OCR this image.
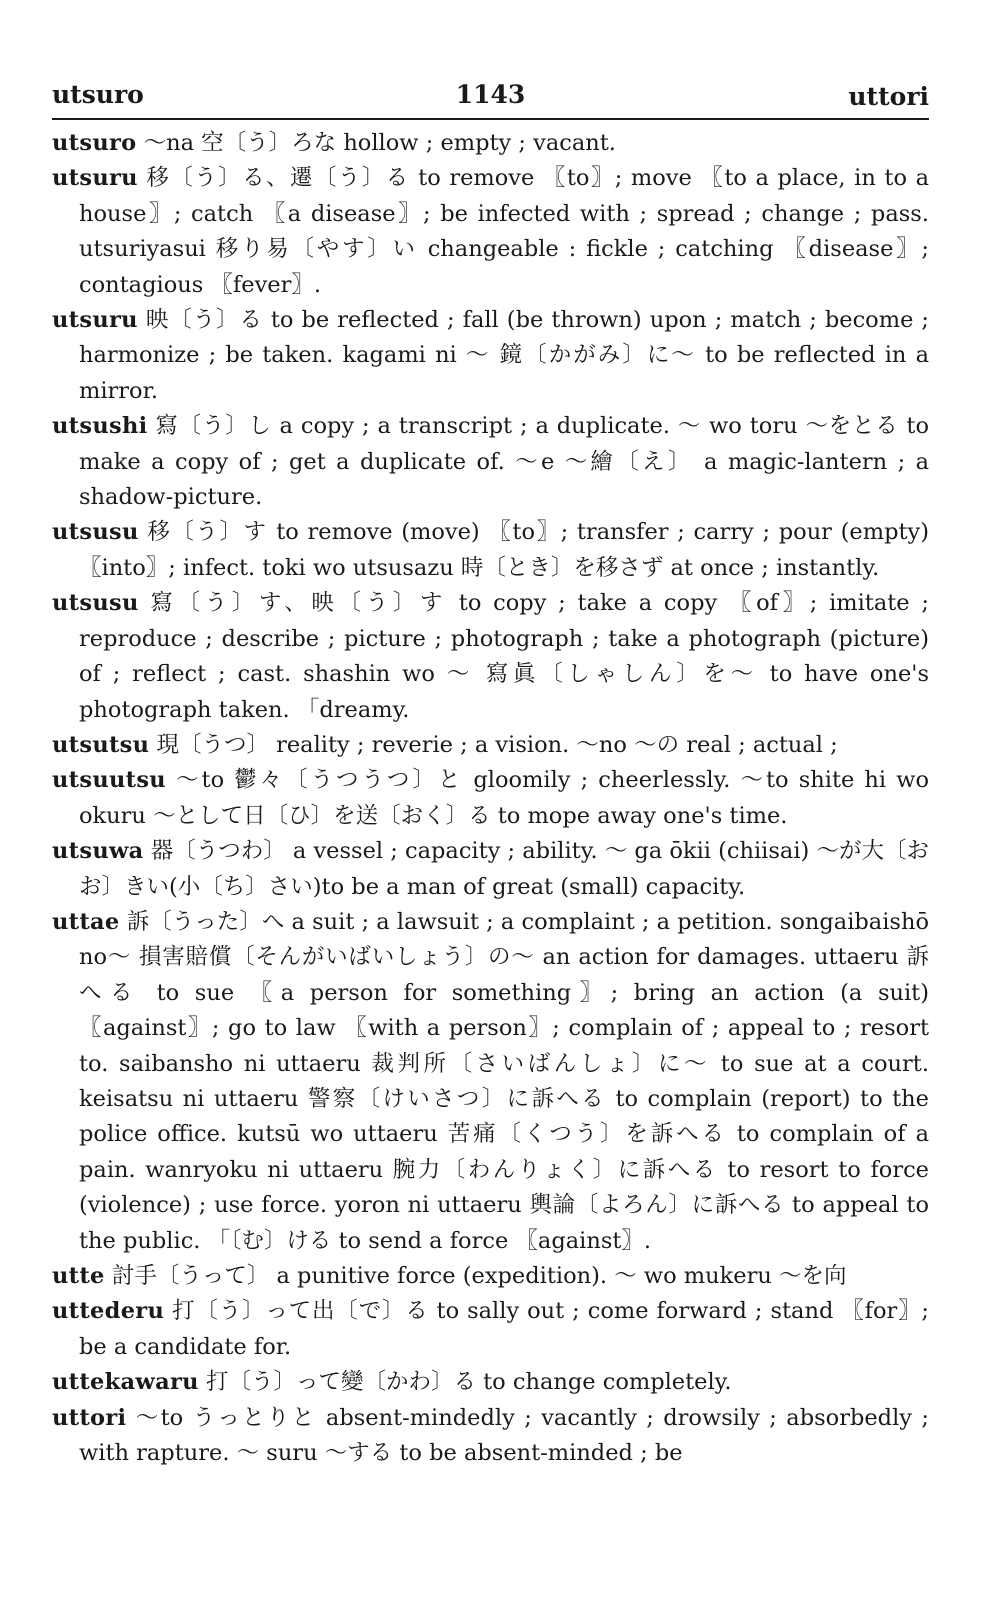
utsuro	1143	uttori
utsuro ～na 空〔う〕ろな hollow ; empty ; vacant.
utsuru 移〔う〕る、遷〔う〕る to remove 〖to〗; move 〖to a place, in to a house〗; catch 〖a disease〗; be infected with ; spread ; change ; pass. utsuriyasui 移り易〔やす〕い changeable : fickle ; catching 〖disease〗; contagious 〖fever〗.
utsuru 映〔う〕る to be reflected ; fall (be thrown) upon ; match ; become ; harmonize ; be taken. kagami ni ～ 鏡〔かがみ〕に～ to be reflected in a mirror.
utsushi 寫〔う〕し a copy ; a transcript ; a duplicate. ～ wo toru ～をとる to make a copy of ; get a duplicate of. ～e ～繪〔え〕 a magic-lantern ; a shadow-picture.
utsusu 移〔う〕す to remove (move) 〖to〗; transfer ; carry ; pour (empty) 〖into〗; infect. toki wo utsusazu 時〔とき〕を移さず at once ; instantly.
utsusu 寫〔う〕す、映〔う〕す to copy ; take a copy 〖of〗; imitate ; reproduce ; describe ; picture ; photograph ; take a photograph (picture) of ; reflect ; cast. shashin wo ～ 寫眞〔しゃしん〕を～ to have one's photograph taken. 「dreamy.
utsutsu 現〔うつ〕 reality ; reverie ; a vision. ～no ～の real ; actual ;
utsuutsu ～to 鬱々〔うつうつ〕と gloomily ; cheerlessly. ～to shite hi wo okuru ～として日〔ひ〕を送〔おく〕る to mope away one's time.
utsuwa 器〔うつわ〕 a vessel ; capacity ; ability. ～ ga ōkii (chiisai) ～が大〔おお〕きい(小〔ち〕さい)to be a man of great (small) capacity.
uttae 訴〔うった〕へ a suit ; a lawsuit ; a complaint ; a petition. songaibaishō no～ 損害賠償〔そんがいばいしょう〕の～ an action for damages. uttaeru 訴へる to sue 〖a person for something〗; bring an action (a suit) 〖against〗; go to law 〖with a person〗; complain of ; appeal to ; resort to. saibansho ni uttaeru 裁判所〔さいばんしょ〕に～ to sue at a court. keisatsu ni uttaeru 警察〔けいさつ〕に訴へる to complain (report) to the police office. kutsū wo uttaeru 苦痛〔くつう〕を訴へる to complain of a pain. wanryoku ni uttaeru 腕力〔わんりょく〕に訴へる to resort to force (violence) ; use force. yoron ni uttaeru 輿論〔よろん〕に訴へる to appeal to the public. 「〔む〕ける to send a force 〖against〗.
utte 討手〔うって〕 a punitive force (expedition). ～ wo mukeru ～を向
uttederu 打〔う〕って出〔で〕る to sally out ; come forward ; stand 〖for〗; be a candidate for.
uttekawaru 打〔う〕って變〔かわ〕る to change completely.
uttori ～to うっとりと absent-mindedly ; vacantly ; drowsily ; absorbedly ; with rapture. ～ suru ～する to be absent-minded ; be
